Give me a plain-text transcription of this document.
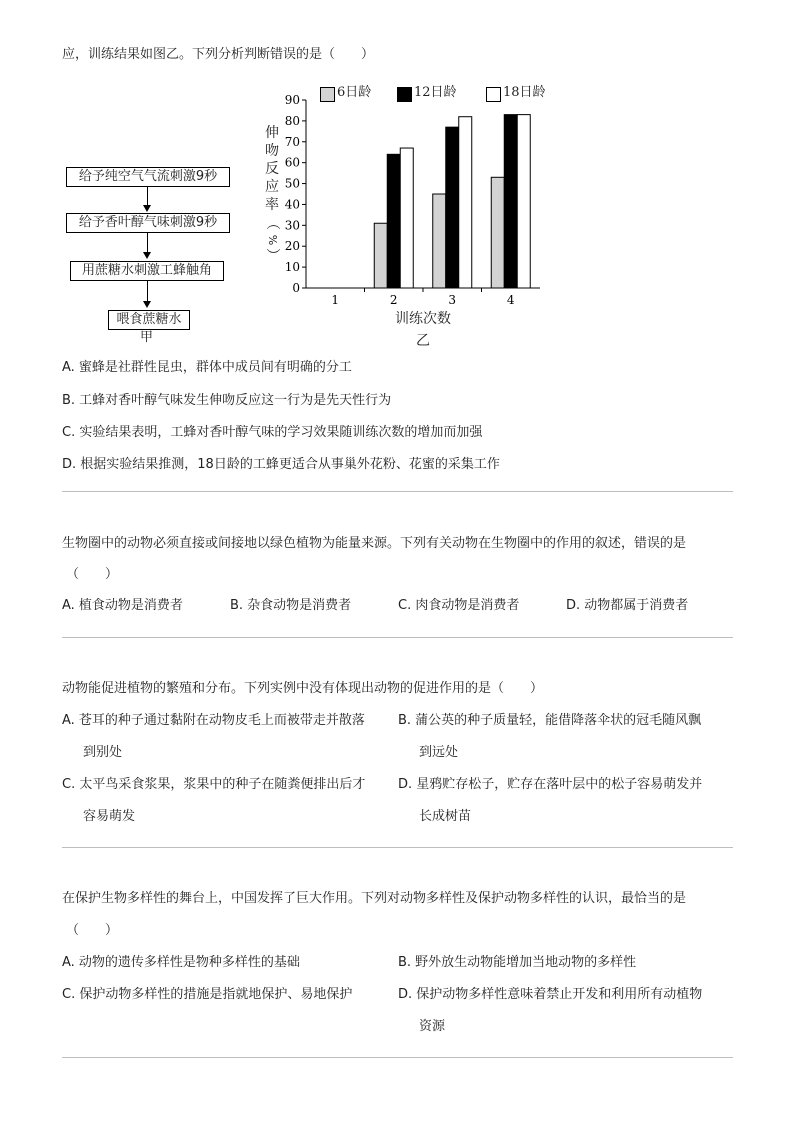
应，训练结果如图乙。下列分析判断错误的是（　　）
给予纯空气气流刺激9秒
给予香叶醇气味刺激9秒
用蔗糖水刺激工蜂触角
喂食蔗糖水
甲
6日龄	12日龄	18日龄
伸
吻
反
应
率
（
%
）
0
10
20
30
40
50
60
70
80
90
1	2	3	4
训练次数
乙
A. 蜜蜂是社群性昆虫，群体中成员间有明确的分工
B. 工蜂对香叶醇气味发生伸吻反应这一行为是先天性行为
C. 实验结果表明，工蜂对香叶醇气味的学习效果随训练次数的增加而加强
D. 根据实验结果推测，18日龄的工蜂更适合从事巢外花粉、花蜜的采集工作
生物圈中的动物必须直接或间接地以绿色植物为能量来源。下列有关动物在生物圈中的作用的叙述，错误的是
（　　）
A. 植食动物是消费者	B. 杂食动物是消费者	C. 肉食动物是消费者	D. 动物都属于消费者
动物能促进植物的繁殖和分布。下列实例中没有体现出动物的促进作用的是（　　）
A. 苍耳的种子通过黏附在动物皮毛上而被带走并散落
到别处
B. 蒲公英的种子质量轻，能借降落伞状的冠毛随风飘
到远处
C. 太平鸟采食浆果，浆果中的种子在随粪便排出后才
容易萌发
D. 星鸦贮存松子，贮存在落叶层中的松子容易萌发并
长成树苗
在保护生物多样性的舞台上，中国发挥了巨大作用。下列对动物多样性及保护动物多样性的认识，最恰当的是
（　　）
A. 动物的遗传多样性是物种多样性的基础	B. 野外放生动物能增加当地动物的多样性
C. 保护动物多样性的措施是指就地保护、易地保护	D. 保护动物多样性意味着禁止开发和利用所有动植物
资源
